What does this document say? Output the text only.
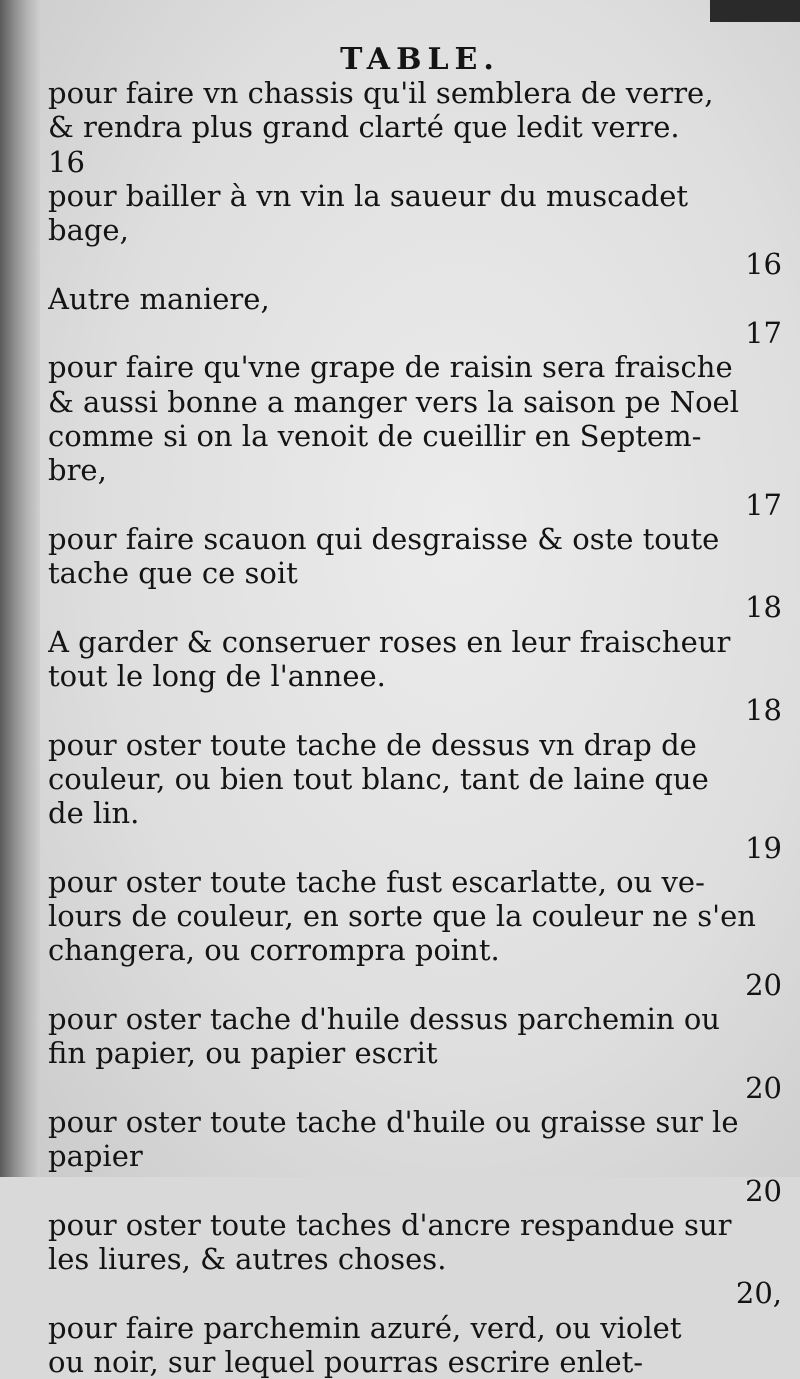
TABLE.
pour faire vn chassis qu'il semblera de verre,
& rendra plus grand clarté que ledit verre.
16
pour bailler à vn vin la saueur du muscadet
bage,
16
Autre maniere,
17
pour faire qu'vne grape de raisin sera fraische
& aussi bonne a manger vers la saison pe Noel
comme si on la venoit de cueillir en Septem-
bre,
17
pour faire scauon qui desgraisse & oste toute
tache que ce soit
18
A garder & conseruer roses en leur fraischeur
tout le long de l'annee.
18
pour oster toute tache de dessus vn drap de
couleur, ou bien tout blanc, tant de laine que
de lin.
19
pour oster toute tache fust escarlatte, ou ve-
lours de couleur, en sorte que la couleur ne s'en
changera, ou corrompra point.
20
pour oster tache d'huile dessus parchemin ou
fin papier, ou papier escrit
20
pour oster toute tache d'huile ou graisse sur le
papier
20
pour oster toute taches d'ancre respandue sur
les liures, & autres choses.
20,
pour faire parchemin azuré, verd, ou violet
ou noir, sur lequel pourras escrire enlet-
